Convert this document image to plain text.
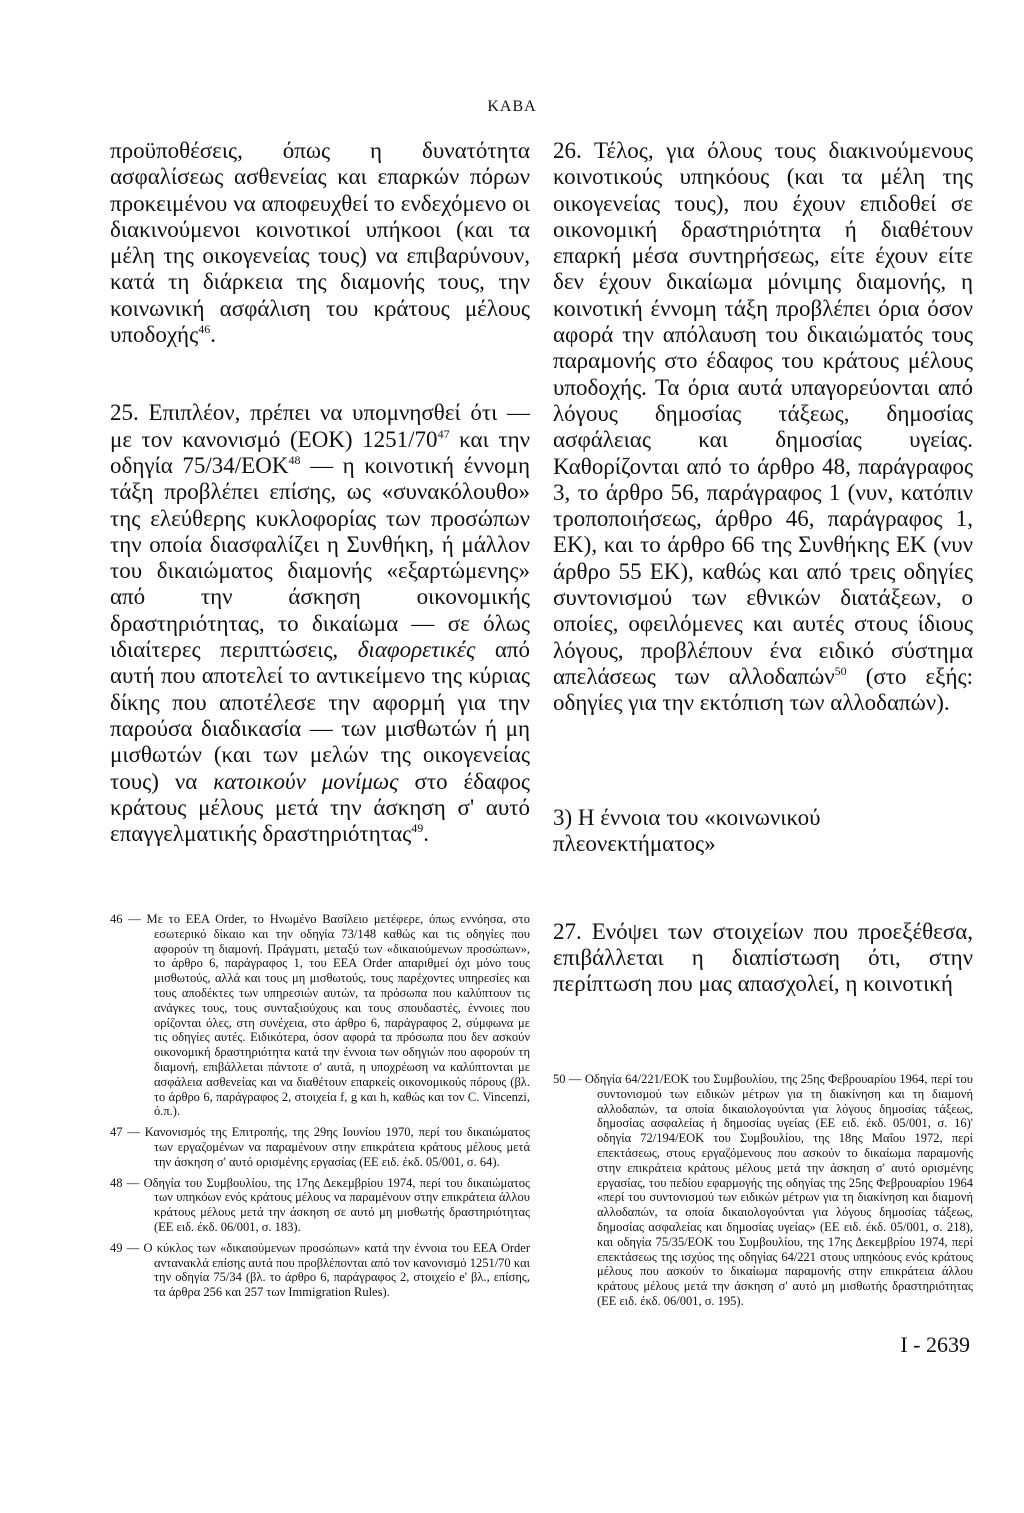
ΚΑΒΑ

προϋποθέσεις, όπως η δυνατότητα ασφαλίσεως ασθενείας και επαρκών πόρων προκειμένου να αποφευχθεί το ενδεχόμενο οι διακινούμενοι κοινοτικοί υπήκοοι (και τα μέλη της οικογενείας τους) να επιβαρύνουν, κατά τη διάρκεια της διαμονής τους, την κοινωνική ασφάλιση του κράτους μέλους υποδοχής$^{46}$.

25. Επιπλέον, πρέπει να υπομνησθεί ότι — με τον κανονισμό (ΕΟΚ) $1251/70^{47}$ και την οδηγία 75/34/ΕΟΚ$^{48}$ — η κοινοτική έννομη τάξη προβλέπει επίσης, ως «συνακόλουθο» της ελεύθερης κυκλοφορίας των προσώπων την οποία διασφαλίζει η Συνθήκη, ή μάλλον του δικαιώματος διαμονής «εξαρτώμενης» από την άσκηση οικονομικής δραστηριότητας, το δικαίωμα — σε όλως ιδιαίτερες περιπτώσεις, διαφορετικές από αυτή που αποτελεί το αντικείμενο της κύριας δίκης που αποτέλεσε την αφορμή για την παρούσα διαδικασία — των μισθωτών ή μη μισθωτών (και των μελών της οικογενείας τους) να κατοικούν μονίμως στο έδαφος κράτους μέλους μετά την άσκηση σ' αυτό επαγγελματικής δραστηριότητας$^{49}$.

26. Τέλος, για όλους τους διακινούμενους κοινοτικούς υπηκόους (και τα μέλη της οικογενείας τους), που έχουν επιδοθεί σε οικονομική δραστηριότητα ή διαθέτουν επαρκή μέσα συντηρήσεως, είτε έχουν είτε δεν έχουν δικαίωμα μόνιμης διαμονής, η κοινοτική έννομη τάξη προβλέπει όρια όσον αφορά την απόλαυση του δικαιώματός τους παραμονής στο έδαφος του κράτους μέλους υποδοχής. Τα όρια αυτά υπαγορεύονται από λόγους δημοσίας τάξεως, δημοσίας ασφάλειας και δημοσίας υγείας. Καθορίζονται από το άρθρο 48, παράγραφος 3, το άρθρο 56, παράγραφος 1 (νυν, κατόπιν τροποποιήσεως, άρθρο 46, παράγραφος 1, ΕΚ), και το άρθρο 66 της Συνθήκης ΕΚ (νυν άρθρο 55 ΕΚ), καθώς και από τρεις οδηγίες συντονισμού των εθνικών διατάξεων, ο οποίες, οφειλόμενες και αυτές στους ίδιους λόγους, προβλέπουν ένα ειδικό σύστημα απελάσεως των αλλοδαπών$^{50}$ (στο εξής: οδηγίες για την εκτόπιση των αλλοδαπών).

3) Η έννοια του «κοινωνικού πλεονεκτήματος»

27. Ενόψει των στοιχείων που προεξέθεσα, επιβάλλεται η διαπίστωση ότι, στην περίπτωση που μας απασχολεί, η κοινοτική

46 — Με το EEA Order, το Ηνωμένο Βασίλειο μετέφερε, όπως εννόησα, στο εσωτερικό δίκαιο και την οδηγία 73/148 καθώς και τις οδηγίες που αφορούν τη διαμονή. Πράγματι, μεταξύ των «δικαιούμενων προσώπων», το άρθρο 6, παράγραφος 1, του EEA Order απαριθμεί όχι μόνο τους μισθωτούς, αλλά και τους μη μισθωτούς, τους παρέχοντες υπηρεσίες και τους αποδέκτες των υπηρεσιών αυτών, τα πρόσωπα που καλύπτουν τις ανάγκες τους, τους συνταξιούχους και τους σπουδαστές, έννοιες που ορίζονται όλες, στη συνέχεια, στο άρθρο 6, παράγραφος 2, σύμφωνα με τις οδηγίες αυτές. Ειδικότερα, όσον αφορά τα πρόσωπα που δεν ασκούν οικονομική δραστηριότητα κατά την έννοια των οδηγιών που αφορούν τη διαμονή, επιβάλλεται πάντοτε σ' αυτά, η υποχρέωση να καλύπτονται με ασφάλεια ασθενείας και να διαθέτουν επαρκείς οικονομικούς πόρους (βλ. το άρθρο 6, παράγραφος 2, στοιχεία f, g και h, καθώς και τον C. Vincenzi, ό.π.).

47 — Κανονισμός της Επιτροπής, της 29ης Ιουνίου 1970, περί του δικαιώματος των εργαζομένων να παραμένουν στην επικράτεια κράτους μέλους μετά την άσκηση σ' αυτό ορισμένης εργασίας (ΕΕ ειδ. έκδ. 05/001, σ. 64).

48 — Οδηγία του Συμβουλίου, της 17ης Δεκεμβρίου 1974, περί του δικαιώματος των υπηκόων ενός κράτους μέλους να παραμένουν στην επικράτεια άλλου κράτους μέλους μετά την άσκηση σε αυτό μη μισθωτής δραστηριότητας (ΕΕ ειδ. έκδ. 06/001, σ. 183).

49 — Ο κύκλος των «δικαιούμενων προσώπων» κατά την έννοια του EEA Order αντανακλά επίσης αυτά που προβλέπονται από τον κανονισμό 1251/70 και την οδηγία 75/34 (βλ. το άρθρο 6, παράγραφος 2, στοιχείο e' βλ., επίσης, τα άρθρα 256 και 257 των Immigration Rules).

50 — Οδηγία 64/221/ΕΟΚ του Συμβουλίου, της 25ης Φεβρουαρίου 1964, περί του συντονισμού των ειδικών μέτρων για τη διακίνηση και τη διαμονή αλλοδαπών, τα οποία δικαιολογούνται για λόγους δημοσίας τάξεως, δημοσίας ασφαλείας ή δημοσίας υγείας (ΕΕ ειδ. έκδ. 05/001, σ. 16)' οδηγία 72/194/ΕΟΚ του Συμβουλίου, της 18ης Μαΐου 1972, περί επεκτάσεως, στους εργαζόμενους που ασκούν το δικαίωμα παραμονής στην επικράτεια κράτους μέλους μετά την άσκηση σ' αυτό ορισμένης εργασίας, του πεδίου εφαρμογής της οδηγίας της 25ης Φεβρουαρίου 1964 «περί του συντονισμού των ειδικών μέτρων για τη διακίνηση και διαμονή αλλοδαπών, τα οποία δικαιολογούνται για λόγους δημοσίας τάξεως, δημοσίας ασφαλείας και δημοσίας υγείας» (ΕΕ ειδ. έκδ. 05/001, σ. 218), και οδηγία 75/35/ΕΟΚ του Συμβουλίου, της 17ης Δεκεμβρίου 1974, περί επεκτάσεως της ισχύος της οδηγίας 64/221 στους υπηκόους ενός κράτους μέλους που ασκούν το δικαίωμα παραμονής στην επικράτεια άλλου κράτους μέλους μετά την άσκηση σ' αυτό μη μισθωτής δραστηριότητας (ΕΕ ειδ. έκδ. 06/001, σ. 195).

I - 2639
